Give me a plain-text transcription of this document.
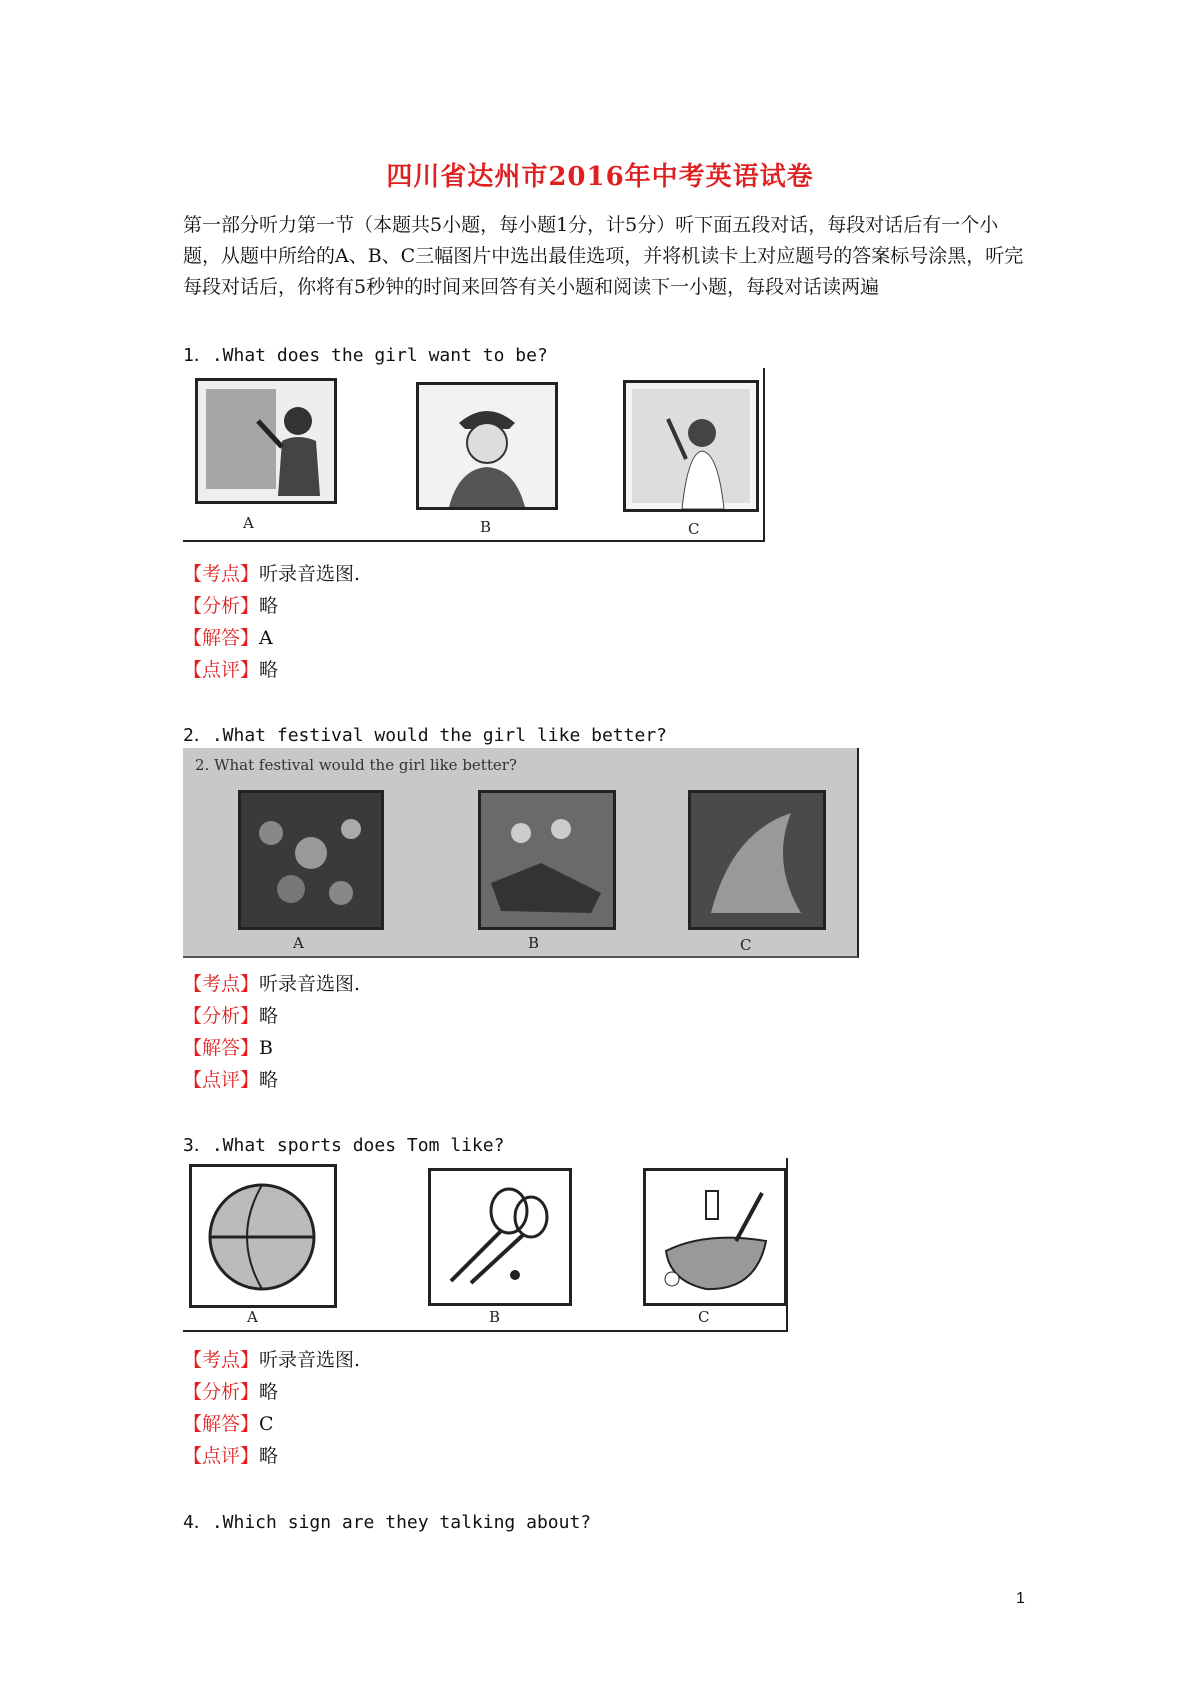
四川省达州市2016年中考英语试卷
第一部分听力第一节（本题共5小题，每小题1分，计5分）听下面五段对话，每段对话后有一个小题，从题中所给的A、B、C三幅图片中选出最佳选项，并将机读卡上对应题号的答案标号涂黑，听完每段对话后，你将有5秒钟的时间来回答有关小题和阅读下一小题，每段对话读两遍
1．.What does the girl want to be?
A	B	C
【考点】听录音选图.
【分析】略
【解答】A
【点评】略
2．.What festival would the girl like better?
2. What festival would the girl like better?
A	B	C
【考点】听录音选图.
【分析】略
【解答】B
【点评】略
3．.What sports does Tom like?
A	B	C
【考点】听录音选图.
【分析】略
【解答】C
【点评】略
4．.Which sign are they talking about?
1
